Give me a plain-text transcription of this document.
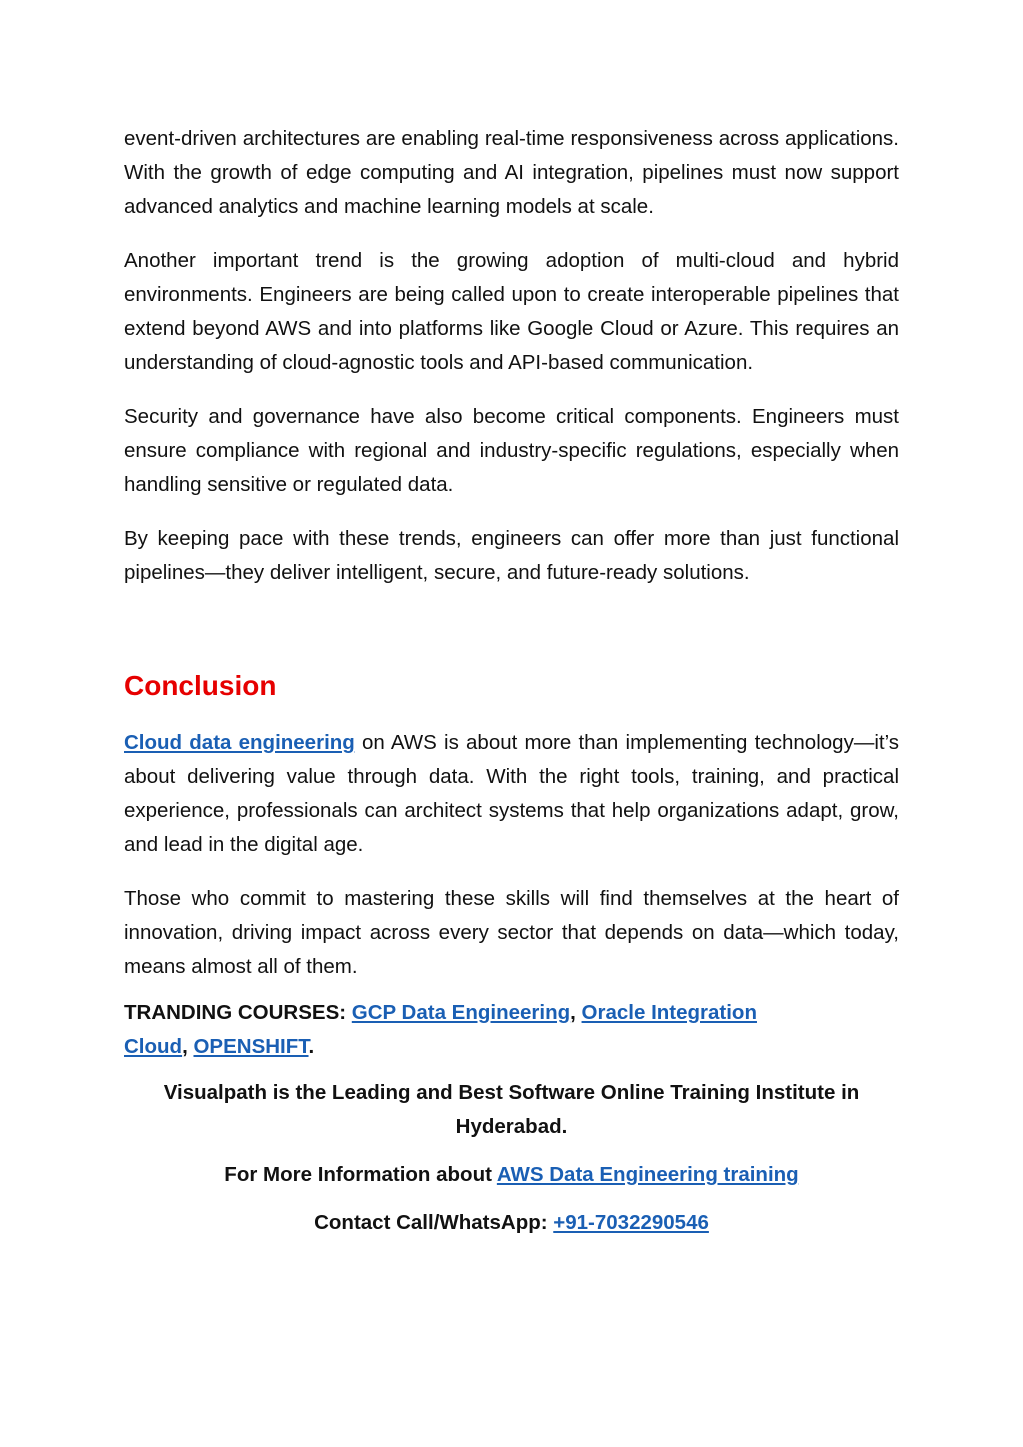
event-driven architectures are enabling real-time responsiveness across applications. With the growth of edge computing and AI integration, pipelines must now support advanced analytics and machine learning models at scale.

Another important trend is the growing adoption of multi-cloud and hybrid environments. Engineers are being called upon to create interoperable pipelines that extend beyond AWS and into platforms like Google Cloud or Azure. This requires an understanding of cloud-agnostic tools and API-based communication.

Security and governance have also become critical components. Engineers must ensure compliance with regional and industry-specific regulations, especially when handling sensitive or regulated data.

By keeping pace with these trends, engineers can offer more than just functional pipelines—they deliver intelligent, secure, and future-ready solutions.

Conclusion

Cloud data engineering on AWS is about more than implementing technology—it’s about delivering value through data. With the right tools, training, and practical experience, professionals can architect systems that help organizations adapt, grow, and lead in the digital age.

Those who commit to mastering these skills will find themselves at the heart of innovation, driving impact across every sector that depends on data—which today, means almost all of them.

TRANDING COURSES: GCP Data Engineering, Oracle Integration
Cloud, OPENSHIFT.
Visualpath is the Leading and Best Software Online Training Institute in Hyderabad.
For More Information about AWS Data Engineering training
Contact Call/WhatsApp: +91-7032290546
